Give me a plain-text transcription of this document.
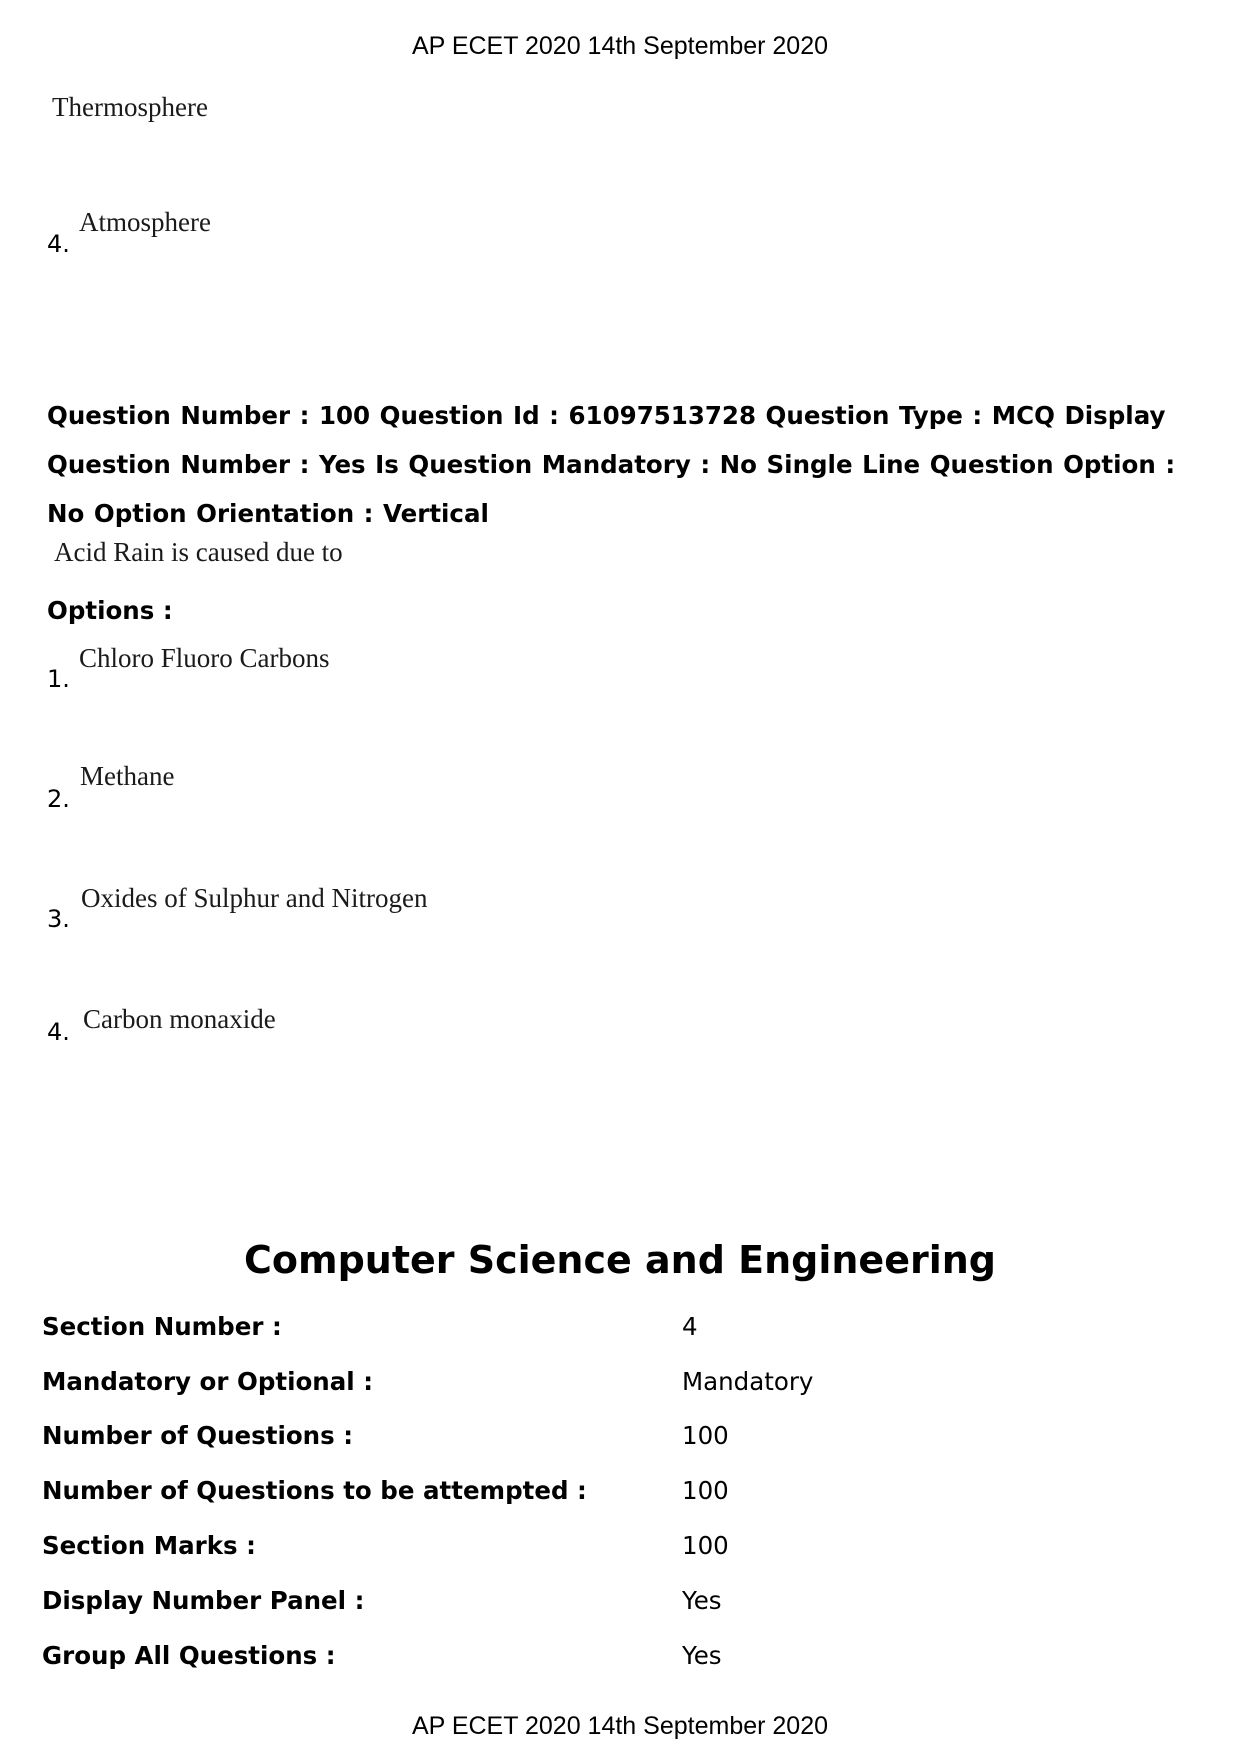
AP ECET 2020 14th September 2020
Thermosphere
4.
Atmosphere
Question Number : 100 Question Id : 61097513728 Question Type : MCQ Display Question Number : Yes Is Question Mandatory : No Single Line Question Option : No Option Orientation : Vertical
Acid Rain is caused due to
Options :
1.
Chloro Fluoro Carbons
2.
Methane
3.
Oxides of Sulphur and Nitrogen
4. Carbon monaxide
Computer Science and Engineering
Section Number :	4
Mandatory or Optional :	Mandatory
Number of Questions :	100
Number of Questions to be attempted :	100
Section Marks :	100
Display Number Panel :	Yes
Group All Questions :	Yes
AP ECET 2020 14th September 2020
